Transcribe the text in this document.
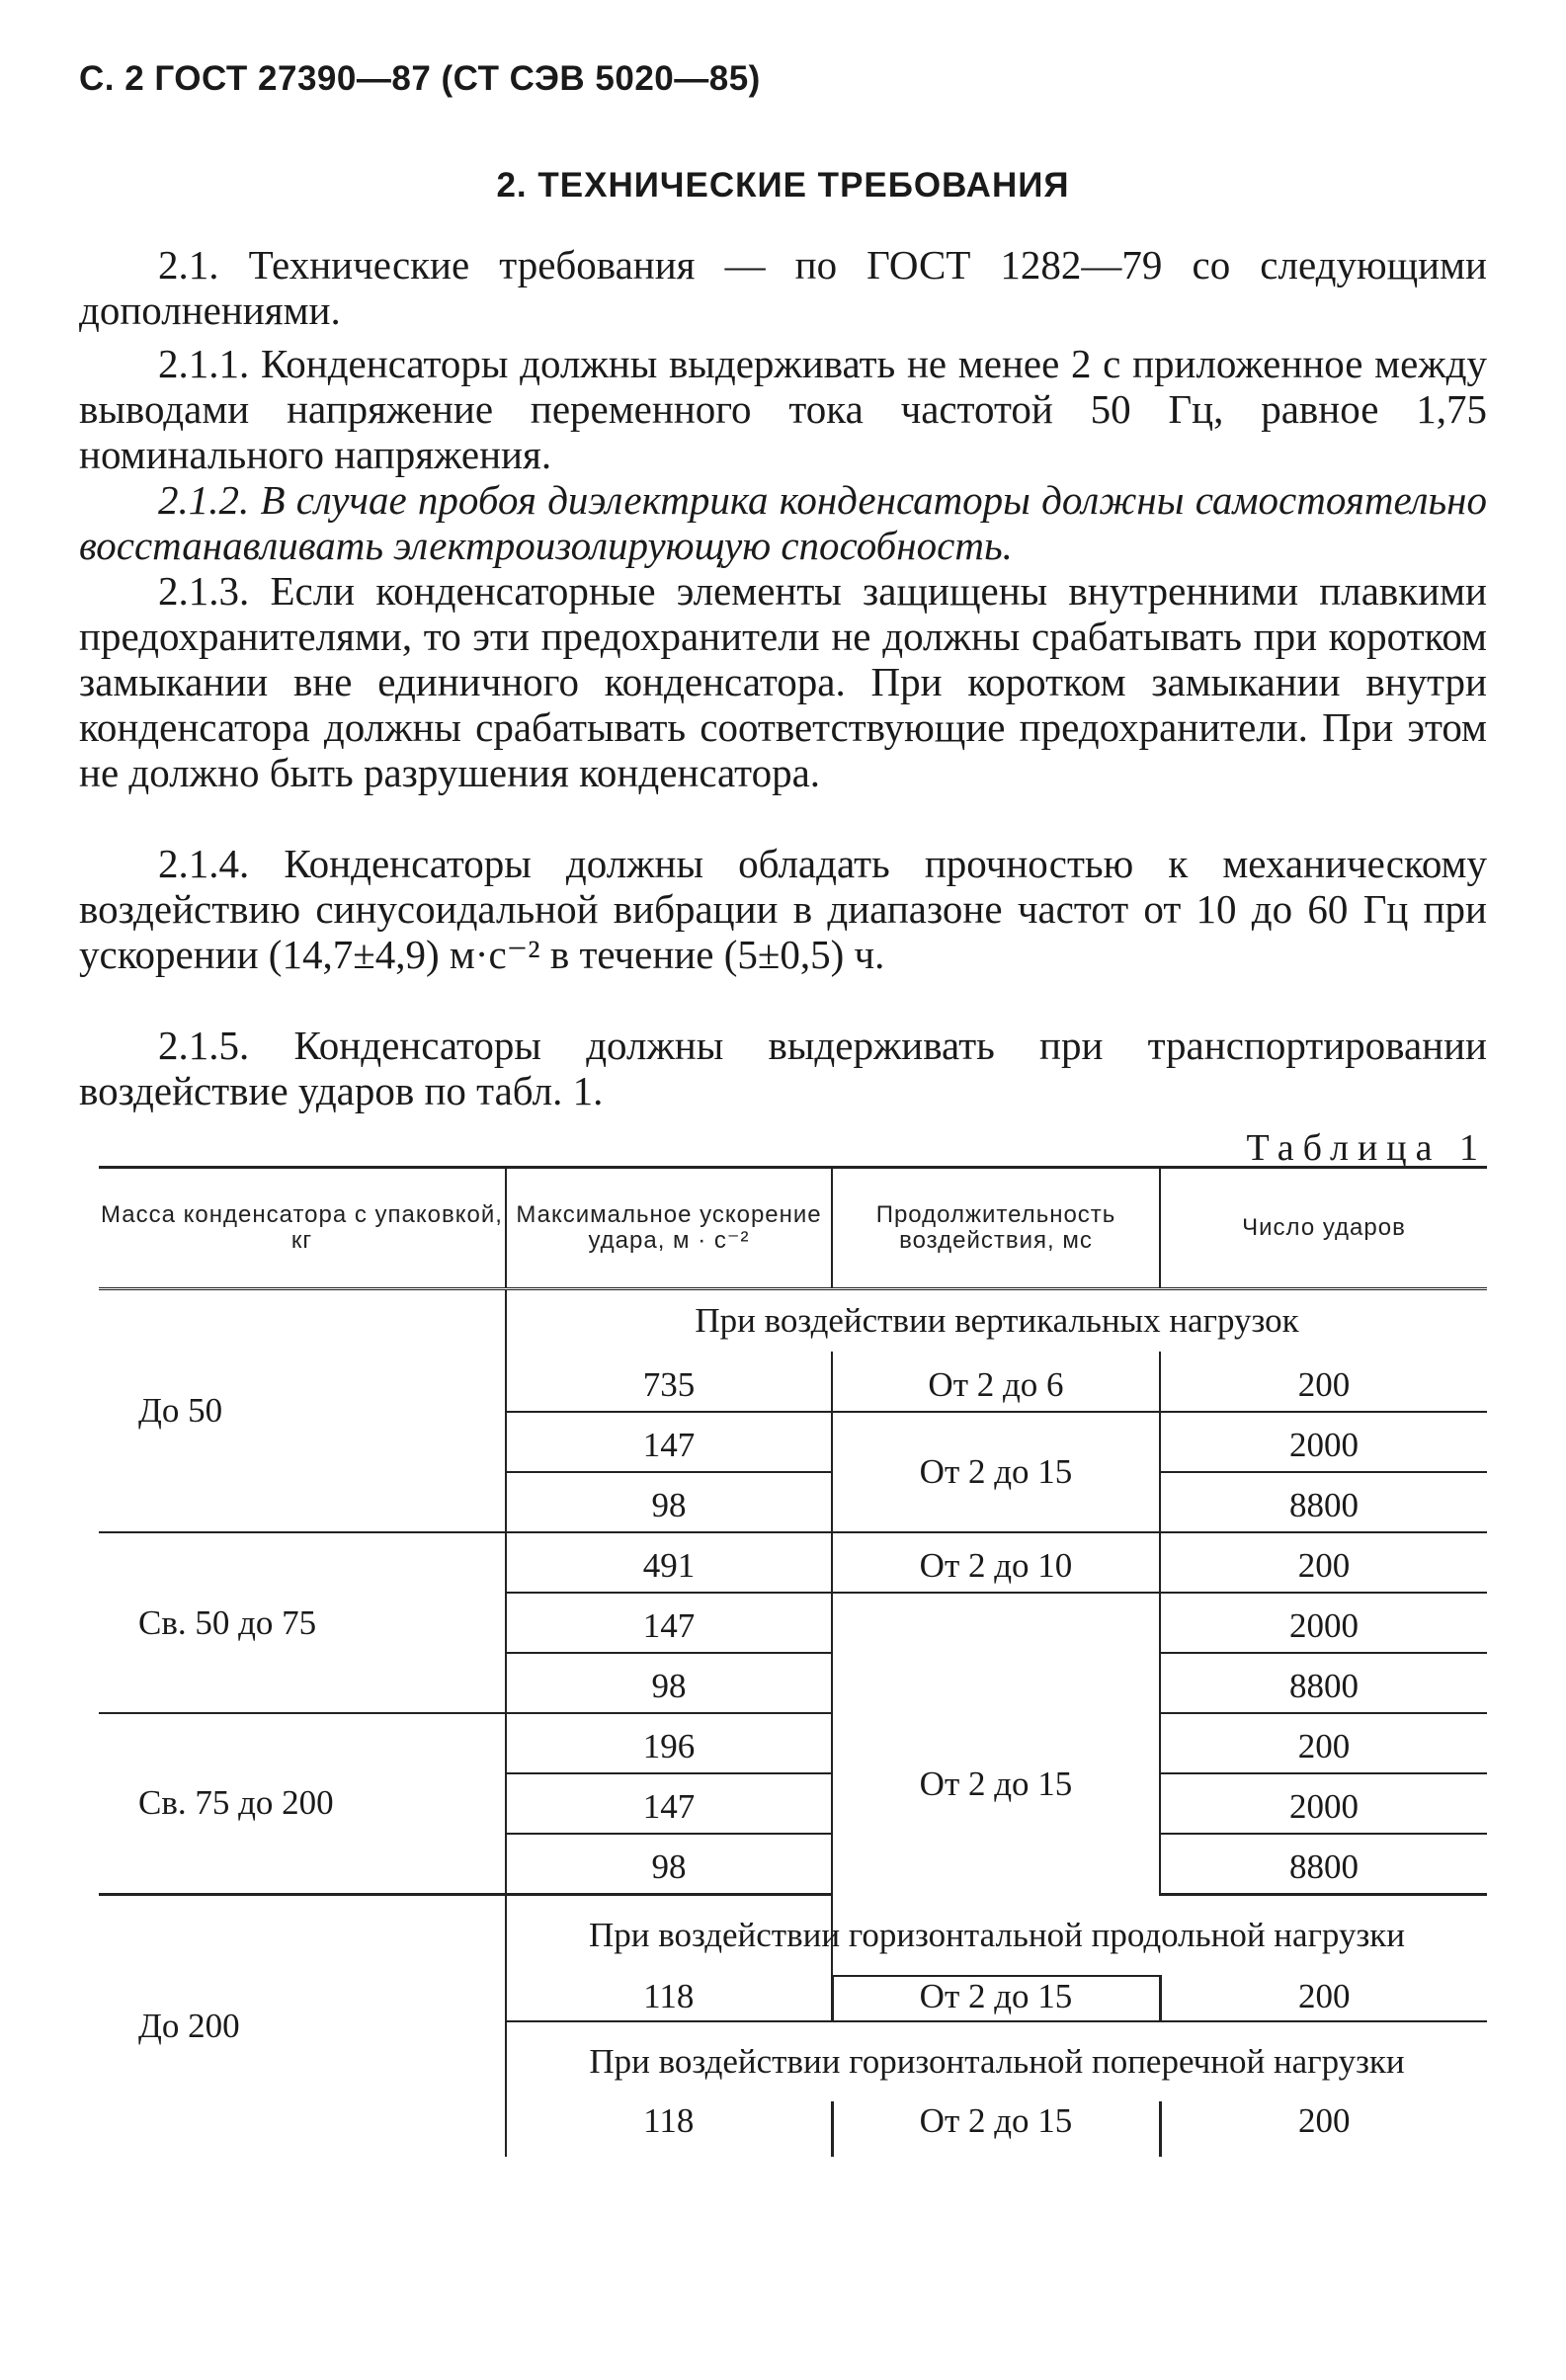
С. 2 ГОСТ 27390—87 (СТ СЭВ 5020—85)
2. ТЕХНИЧЕСКИЕ ТРЕБОВАНИЯ
2.1. Технические требования — по ГОСТ 1282—79 со следующими дополнениями.
2.1.1. Конденсаторы должны выдерживать не менее 2 с приложенное между выводами напряжение переменного тока частотой 50 Гц, равное 1,75 номинального напряжения.
2.1.2. В случае пробоя диэлектрика конденсаторы должны самостоятельно восстанавливать электроизолирующую способность.
2.1.3. Если конденсаторные элементы защищены внутренними плавкими предохранителями, то эти предохранители не должны срабатывать при коротком замыкании вне единичного конденсатора. При коротком замыкании внутри конденсатора должны срабатывать соответствующие предохранители. При этом не должно быть разрушения конденсатора.
2.1.4. Конденсаторы должны обладать прочностью к механическому воздействию синусоидальной вибрации в диапазоне частот от 10 до 60 Гц при ускорении (14,7±4,9) м·с⁻² в течение (5±0,5) ч.
2.1.5. Конденсаторы должны выдерживать при транспортировании воздействие ударов по табл. 1.
Таблица 1
Масса конденсатора с упаковкой, кг	Максимальное ускорение удара, м · с⁻²	Продолжительность воздействия, мс	Число ударов
До 50	При воздействии вертикальных нагрузок		
	735	От 2 до 6	200
	147	От 2 до 15	2000
	98		8800
Св. 50 до 75	491	От 2 до 10	200
	147	От 2 до 15	2000
	98		8800
Св. 75 до 200	196		200
	147		2000
	98		8800
До 200	При воздействии горизонтальной продольной нагрузки		
	118	От 2 до 15	200
	При воздействии горизонтальной поперечной нагрузки		
	118	От 2 до 15	200
